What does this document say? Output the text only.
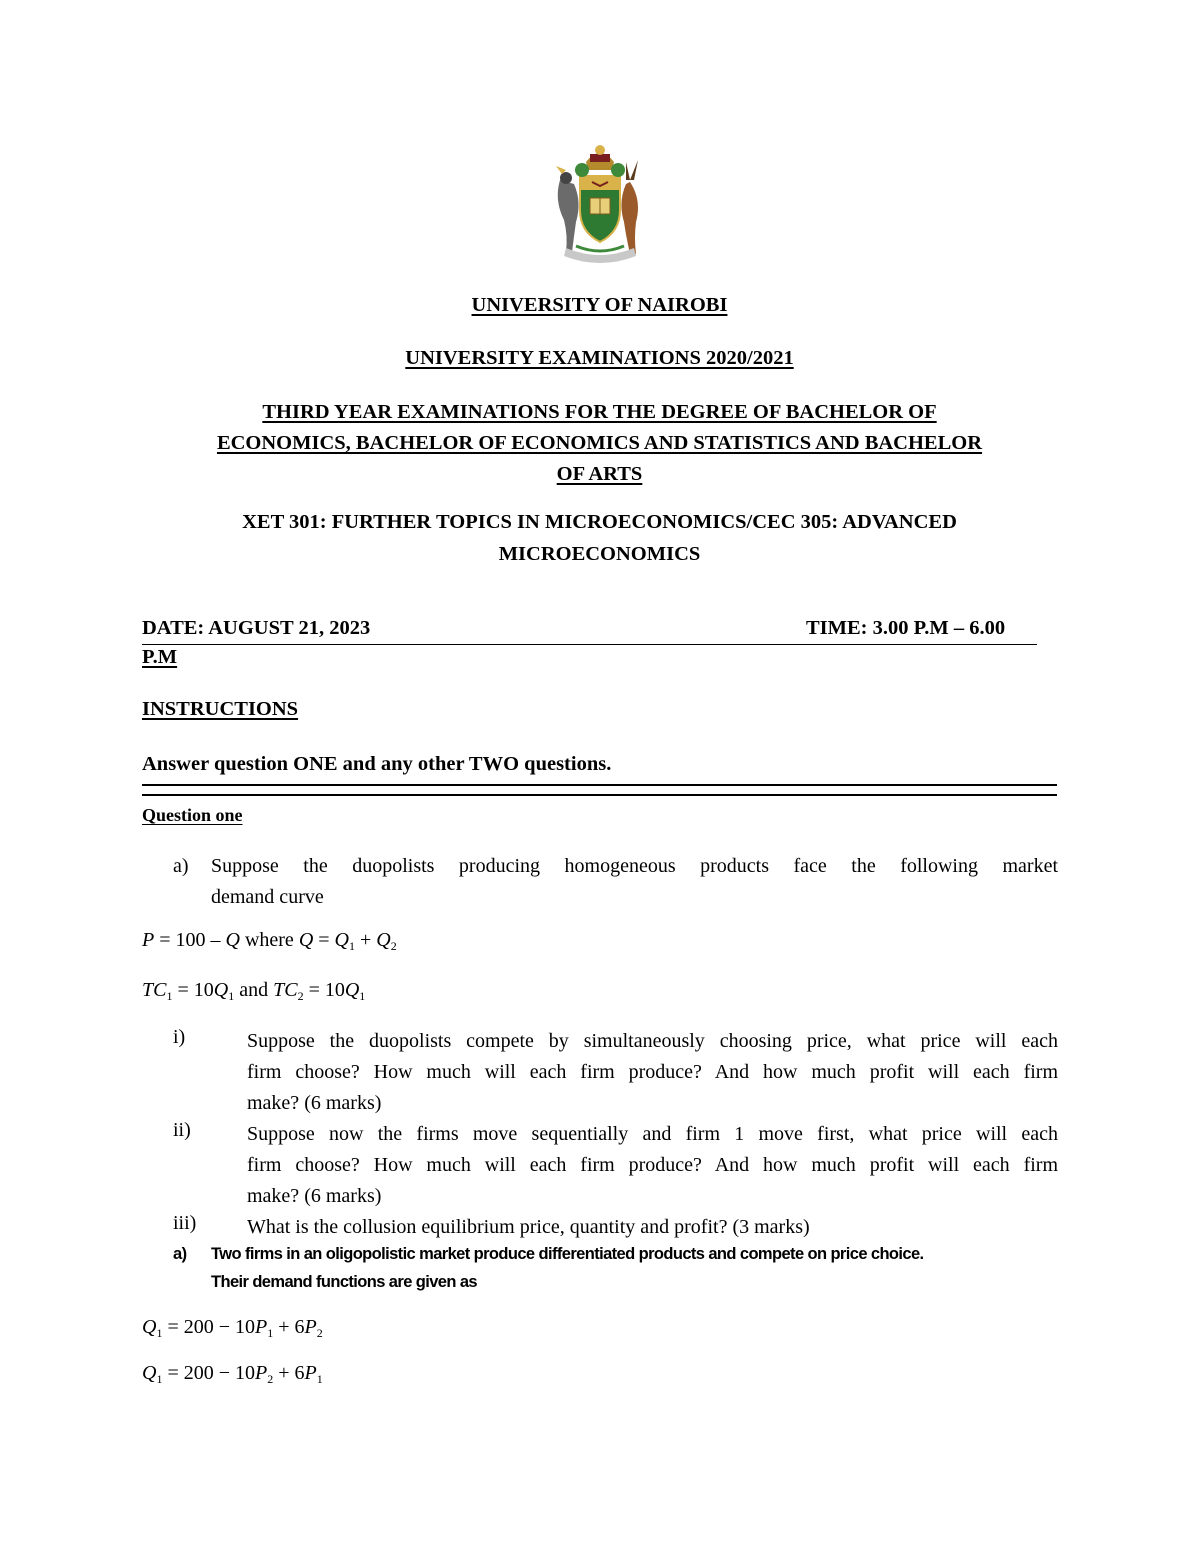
UNIVERSITY OF NAIROBI
UNIVERSITY EXAMINATIONS 2020/2021
THIRD YEAR EXAMINATIONS FOR THE DEGREE OF BACHELOR OF
ECONOMICS, BACHELOR OF ECONOMICS AND STATISTICS AND BACHELOR
OF ARTS
XET 301: FURTHER TOPICS IN MICROECONOMICS/CEC 305: ADVANCED
MICROECONOMICS
DATE: AUGUST 21, 2023	TIME: 3.00 P.M – 6.00
P.M
INSTRUCTIONS
Answer question ONE and any other TWO questions.
Question one
a) Suppose the duopolists producing homogeneous products face the following market
demand curve
P = 100 – Q where $Q = Q_1 + Q_2$
$TC_1 = 10Q_1$ and $TC_2 = 10Q_1$
i)	Suppose the duopolists compete by simultaneously choosing price, what price will each
firm choose? How much will each firm produce? And how much profit will each firm
make? (6 marks)
ii)	Suppose now the firms move sequentially and firm 1 move first, what price will each
firm choose? How much will each firm produce? And how much profit will each firm
make? (6 marks)
iii)	What is the collusion equilibrium price, quantity and profit? (3 marks)
a) Two firms in an oligopolistic market produce differentiated products and compete on price choice.
Their demand functions are given as
$Q_1 = 200 - 10P_1 + 6P_2$
$Q_1 = 200 - 10P_2 + 6P_1$
